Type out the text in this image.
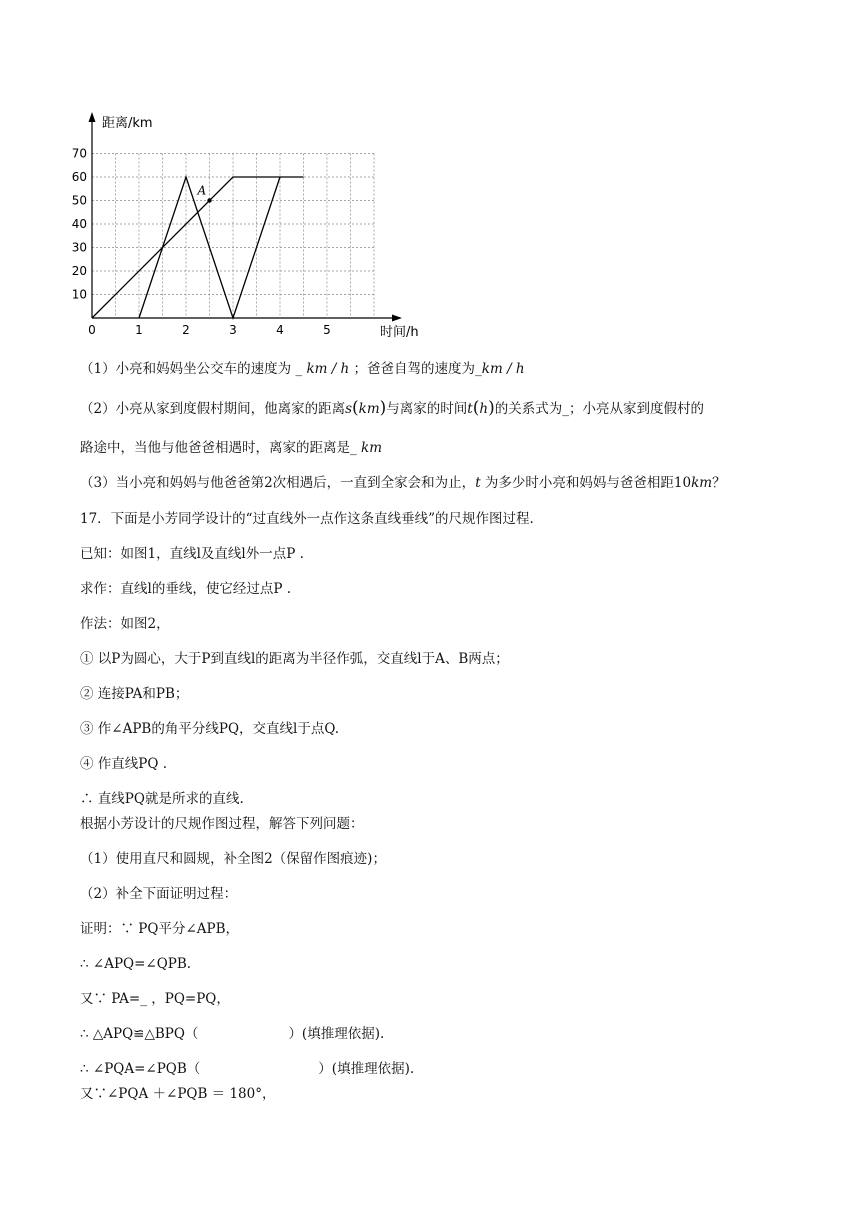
10
20
30
40
50
60
70
0	1	2	3	4	5
距离/km
时间/h
A
（1）小亮和妈妈坐公交车的速度为 _ km / h ；爸爸自驾的速度为_km / h
（2）小亮从家到度假村期间，他离家的距离s(km)与离家的时间t(h)的关系式为_；小亮从家到度假村的
路途中，当他与他爸爸相遇时，离家的距离是_ km
（3）当小亮和妈妈与他爸爸第2次相遇后，一直到全家会和为止，t 为多少时小亮和妈妈与爸爸相距10km？
17．下面是小芳同学设计的“过直线外一点作这条直线垂线”的尺规作图过程.
已知：如图1，直线l及直线l外一点P .
求作：直线l的垂线，使它经过点P .
作法：如图2，
① 以P为圆心，大于P到直线l的距离为半径作弧，交直线l于A、B两点；
② 连接PA和PB；
③ 作∠APB的角平分线PQ，交直线l于点Q.
④ 作直线PQ .
∴ 直线PQ就是所求的直线.
根据小芳设计的尺规作图过程，解答下列问题：
（1）使用直尺和圆规，补全图2（保留作图痕迹)；
（2）补全下面证明过程：
证明：∵ PQ平分∠APB，
∴ ∠APQ=∠QPB.
又∵ PA=_ ，PQ=PQ，
∴ △APQ≌△BPQ（	）(填推理依据).
∴ ∠PQA=∠PQB（	）(填推理依据).
又∵∠PQA ＋∠PQB ＝ 180°，
